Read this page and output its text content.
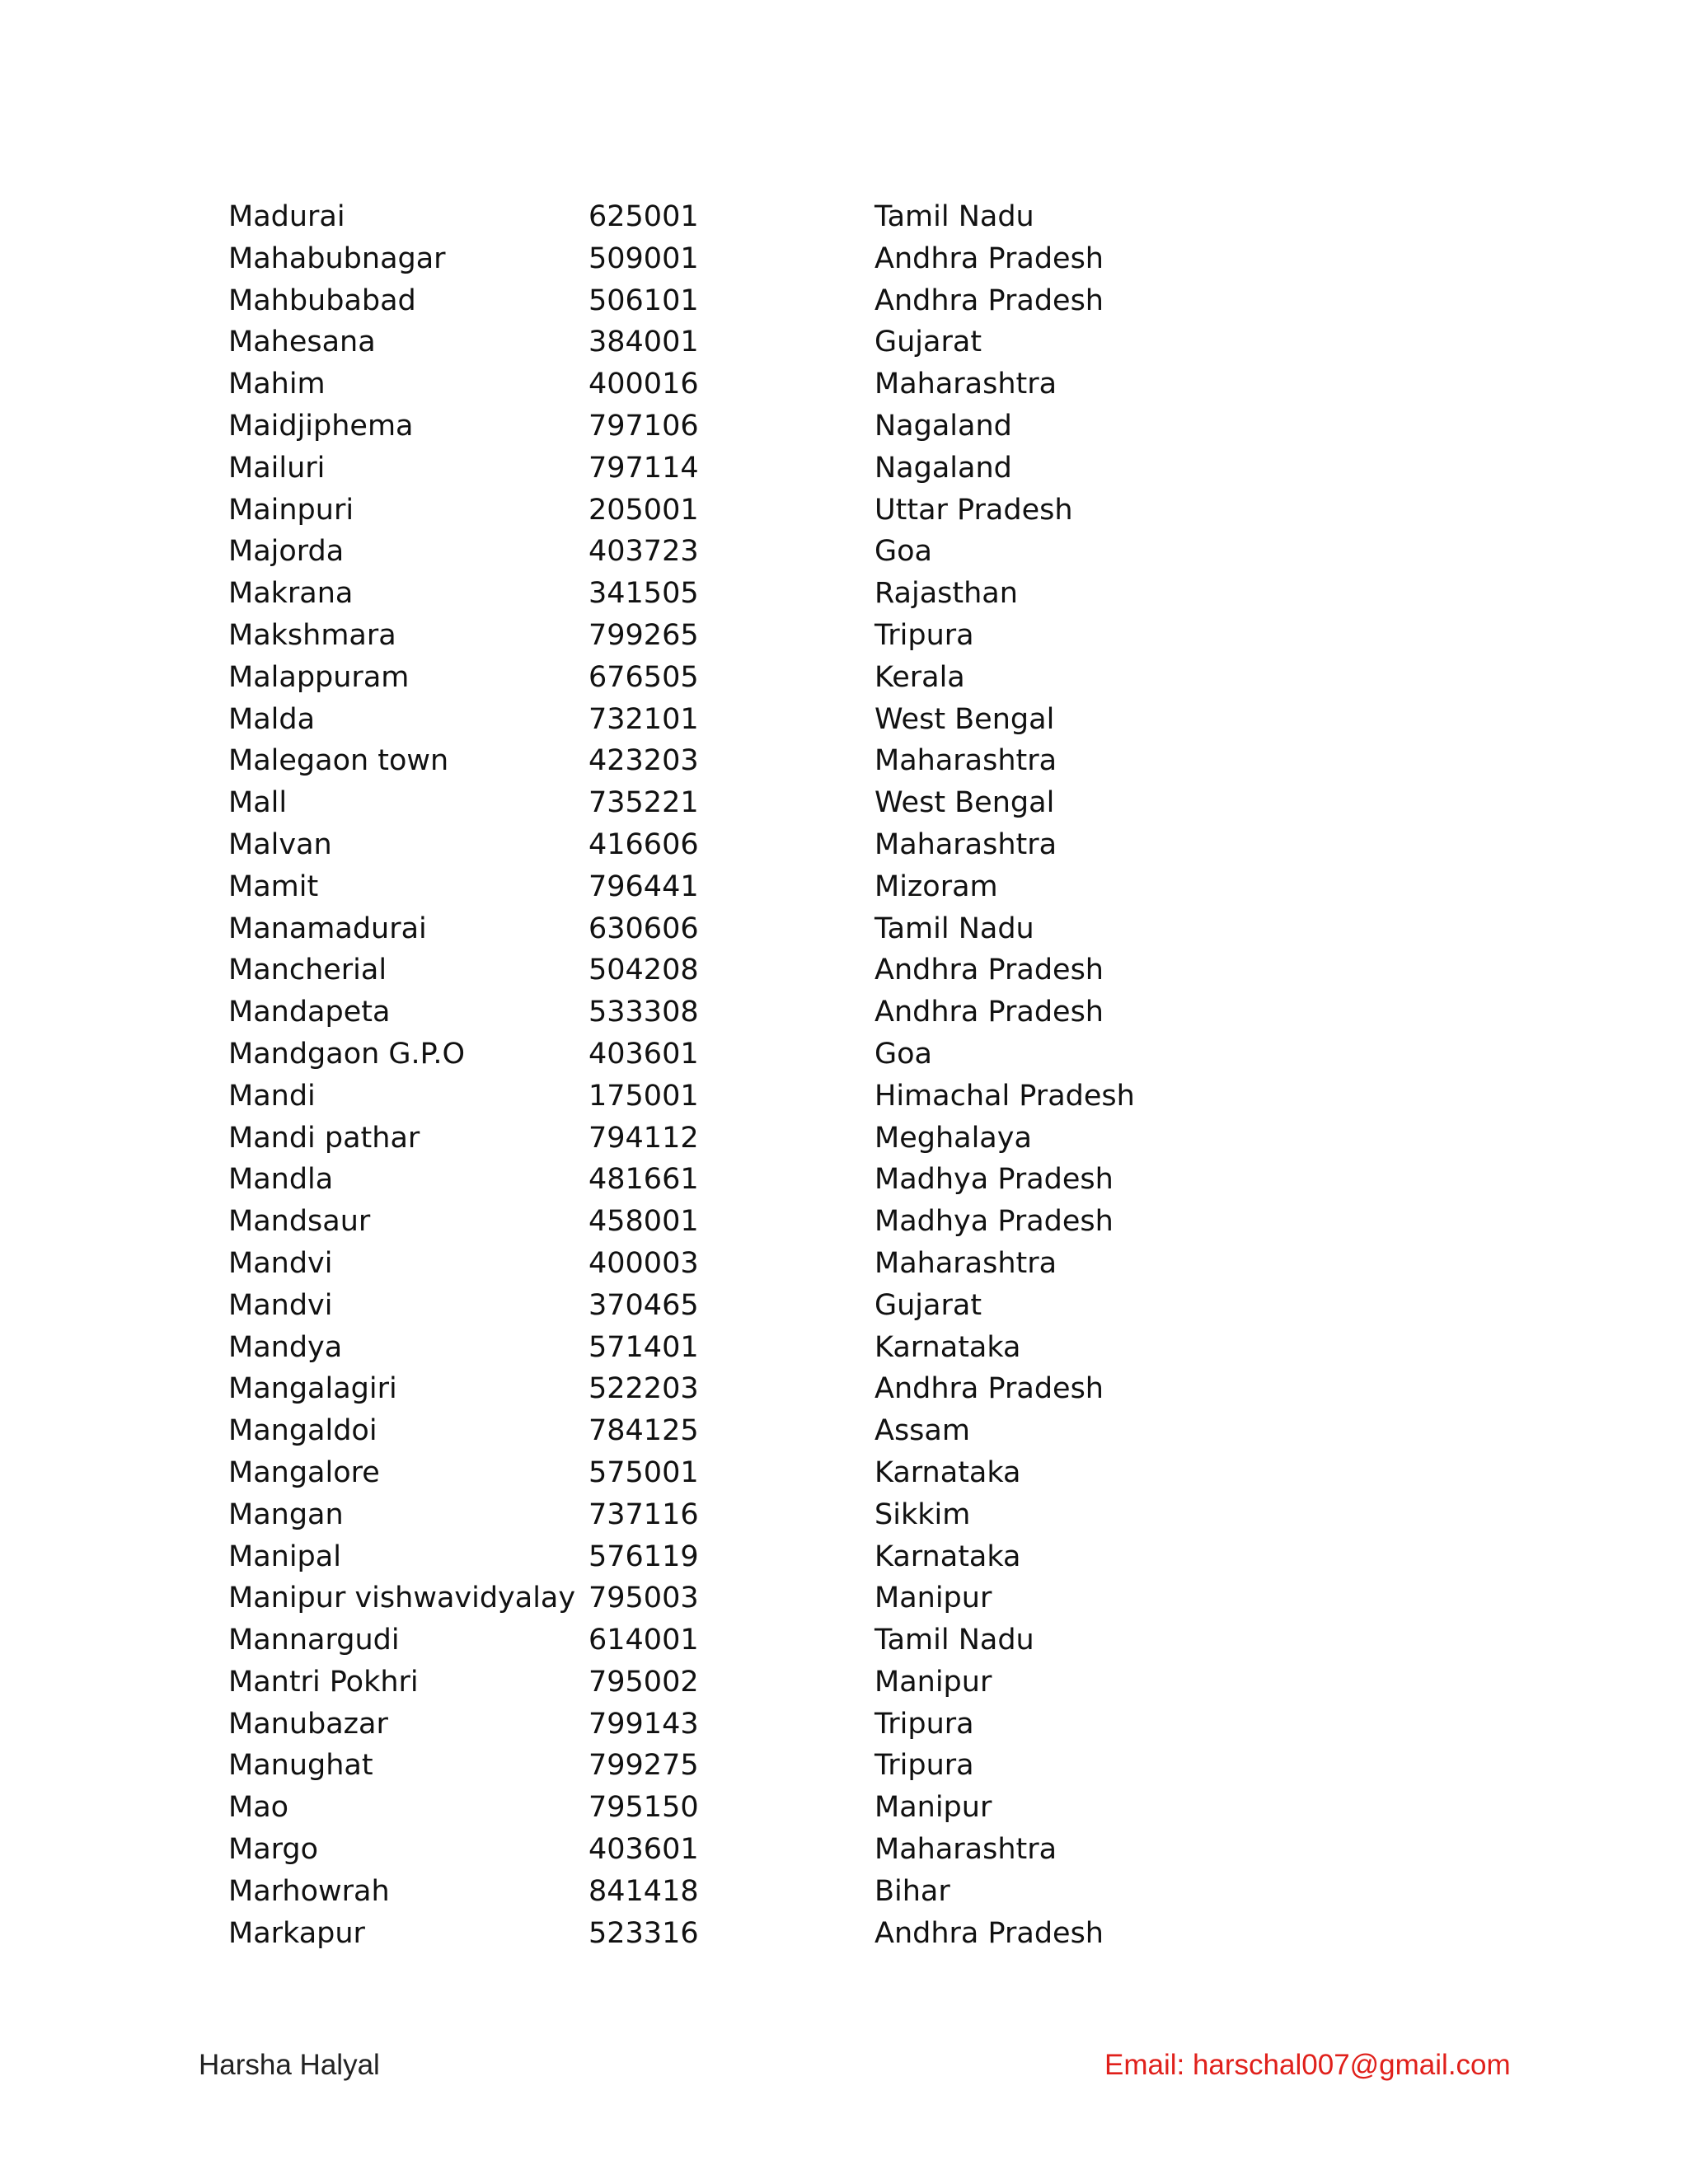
Madurai	625001	Tamil Nadu
Mahabubnagar	509001	Andhra Pradesh
Mahbubabad	506101	Andhra Pradesh
Mahesana	384001	Gujarat
Mahim	400016	Maharashtra
Maidjiphema	797106	Nagaland
Mailuri	797114	Nagaland
Mainpuri	205001	Uttar Pradesh
Majorda	403723	Goa
Makrana	341505	Rajasthan
Makshmara	799265	Tripura
Malappuram	676505	Kerala
Malda	732101	West Bengal
Malegaon town	423203	Maharashtra
Mall	735221	West Bengal
Malvan	416606	Maharashtra
Mamit	796441	Mizoram
Manamadurai	630606	Tamil Nadu
Mancherial	504208	Andhra Pradesh
Mandapeta	533308	Andhra Pradesh
Mandgaon G.P.O	403601	Goa
Mandi	175001	Himachal Pradesh
Mandi pathar	794112	Meghalaya
Mandla	481661	Madhya Pradesh
Mandsaur	458001	Madhya Pradesh
Mandvi	400003	Maharashtra
Mandvi	370465	Gujarat
Mandya	571401	Karnataka
Mangalagiri	522203	Andhra Pradesh
Mangaldoi	784125	Assam
Mangalore	575001	Karnataka
Mangan	737116	Sikkim
Manipal	576119	Karnataka
Manipur vishwavidyalay 795003	Manipur
Mannargudi	614001	Tamil Nadu
Mantri Pokhri	795002	Manipur
Manubazar	799143	Tripura
Manughat	799275	Tripura
Mao	795150	Manipur
Margo	403601	Maharashtra
Marhowrah	841418	Bihar
Markapur	523316	Andhra Pradesh
Harsha Halyal	Email: harschal007@gmail.com
